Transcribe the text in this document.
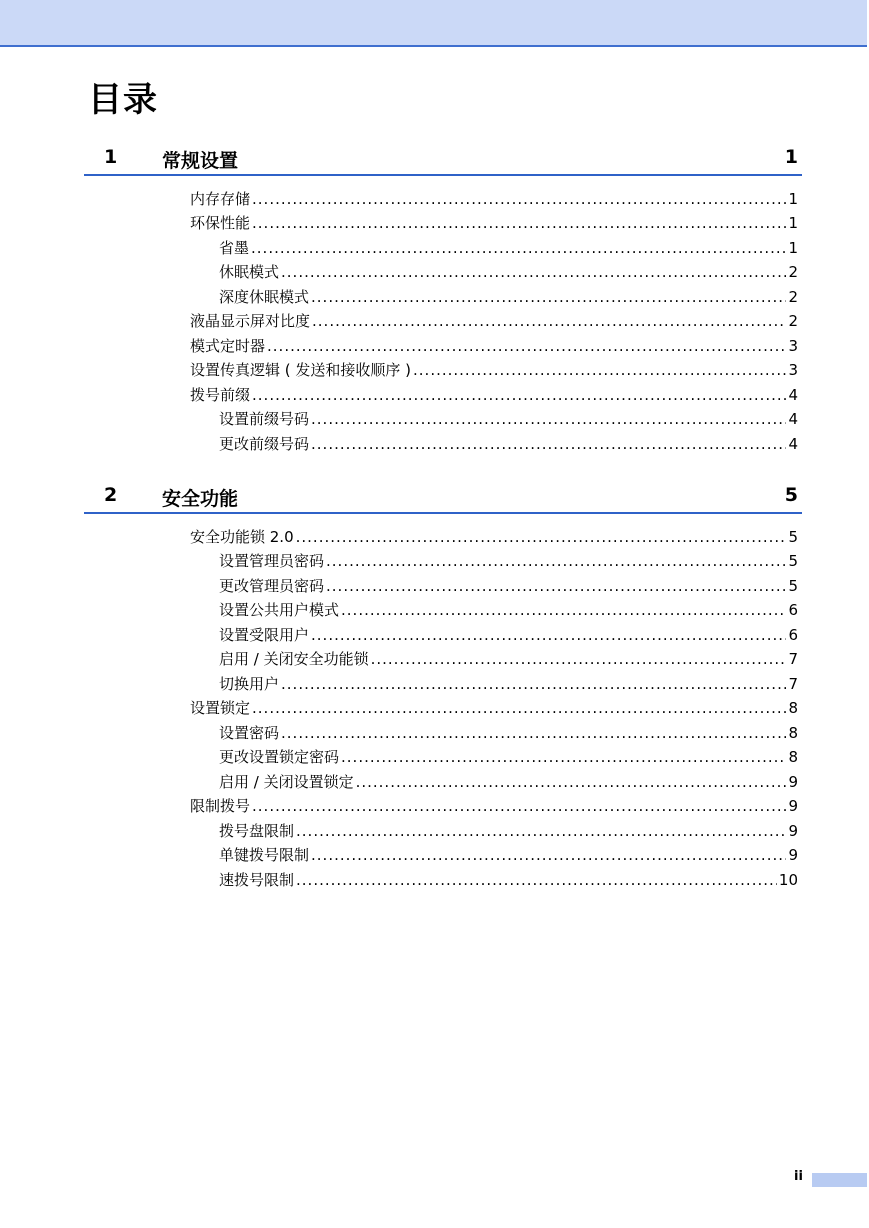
目录
1 常规设置	1
内存存储 .....	1
环保性能 .....	1
省墨 .....	1
休眠模式 .....	2
深度休眠模式 .....	2
液晶显示屏对比度 .....	2
模式定时器 .....	3
设置传真逻辑 ( 发送和接收顺序 ) .....	3
拨号前缀 .....	4
设置前缀号码 .....	4
更改前缀号码 .....	4
2 安全功能	5
安全功能锁 2.0 .....	5
设置管理员密码 .....	5
更改管理员密码 .....	5
设置公共用户模式 .....	6
设置受限用户 .....	6
启用 / 关闭安全功能锁 .....	7
切换用户 .....	7
设置锁定 .....	8
设置密码 .....	8
更改设置锁定密码 .....	8
启用 / 关闭设置锁定 .....	9
限制拨号 .....	9
拨号盘限制 .....	9
单键拨号限制 .....	9
速拨号限制 .....	10
ii
